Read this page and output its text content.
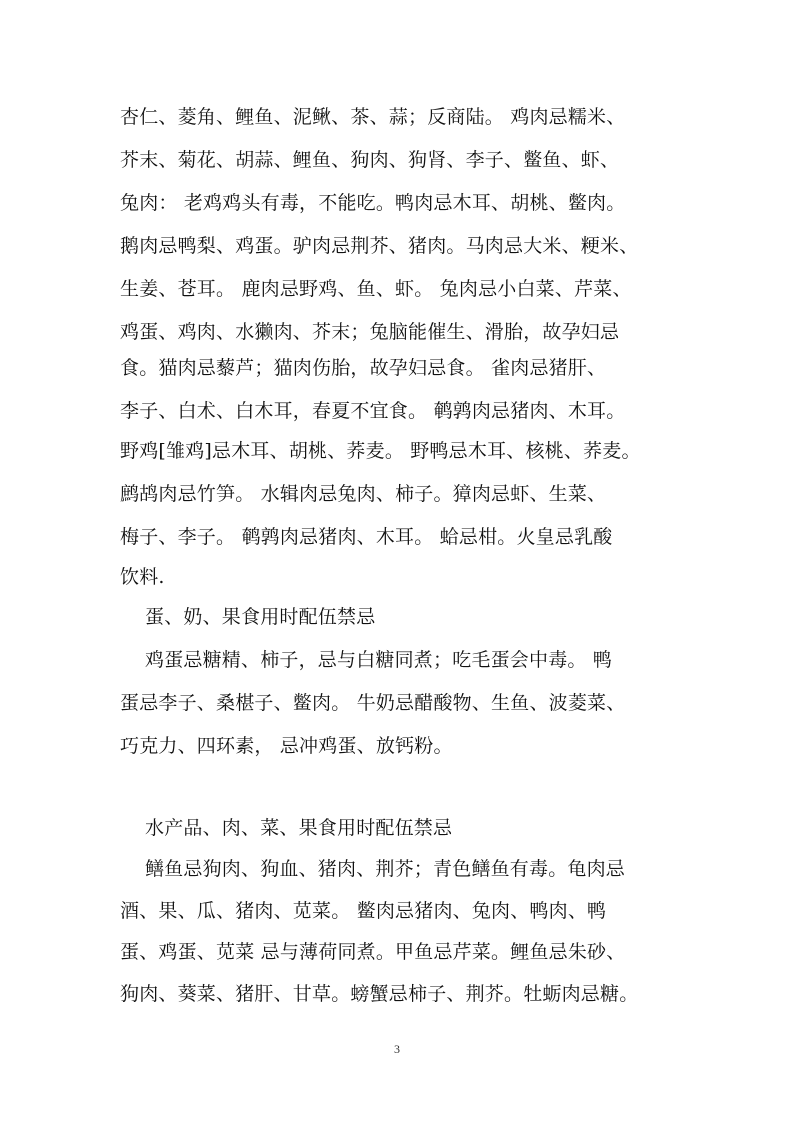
杏仁、菱角、鲤鱼、泥鳅、茶、蒜；反商陆。 鸡肉忌糯米、
芥末、菊花、胡蒜、鲤鱼、狗肉、狗肾、李子、鳖鱼、虾、
兔肉： 老鸡鸡头有毒，不能吃。鸭肉忌木耳、胡桃、鳖肉。
鹅肉忌鸭梨、鸡蛋。驴肉忌荆芥、猪肉。马肉忌大米、粳米、
生姜、苍耳。 鹿肉忌野鸡、鱼、虾。 兔肉忌小白菜、芹菜、
鸡蛋、鸡肉、水獭肉、芥末；兔脑能催生、滑胎，故孕妇忌
食。猫肉忌藜芦；猫肉伤胎，故孕妇忌食。 雀肉忌猪肝、
李子、白术、白木耳，春夏不宜食。 鹌鹑肉忌猪肉、木耳。
野鸡[雏鸡]忌木耳、胡桃、荞麦。 野鸭忌木耳、核桃、荞麦。
鹧鸪肉忌竹笋。 水辑肉忌兔肉、柿子。獐肉忌虾、生菜、
梅子、李子。 鹌鹑肉忌猪肉、木耳。 蛤忌柑。火皇忌乳酸
饮料.
蛋、奶、果食用时配伍禁忌
鸡蛋忌糖精、柿子，忌与白糖同煮；吃毛蛋会中毒。 鸭
蛋忌李子、桑椹子、鳖肉。 牛奶忌醋酸物、生鱼、波菱菜、
巧克力、四环素， 忌冲鸡蛋、放钙粉。
水产品、肉、菜、果食用时配伍禁忌
鳝鱼忌狗肉、狗血、猪肉、荆芥；青色鳝鱼有毒。龟肉忌
酒、果、瓜、猪肉、苋菜。 鳖肉忌猪肉、兔肉、鸭肉、鸭
蛋、鸡蛋、苋菜 忌与薄荷同煮。甲鱼忌芹菜。鲤鱼忌朱砂、
狗肉、葵菜、猪肝、甘草。螃蟹忌柿子、荆芥。牡蛎肉忌糖。
3
